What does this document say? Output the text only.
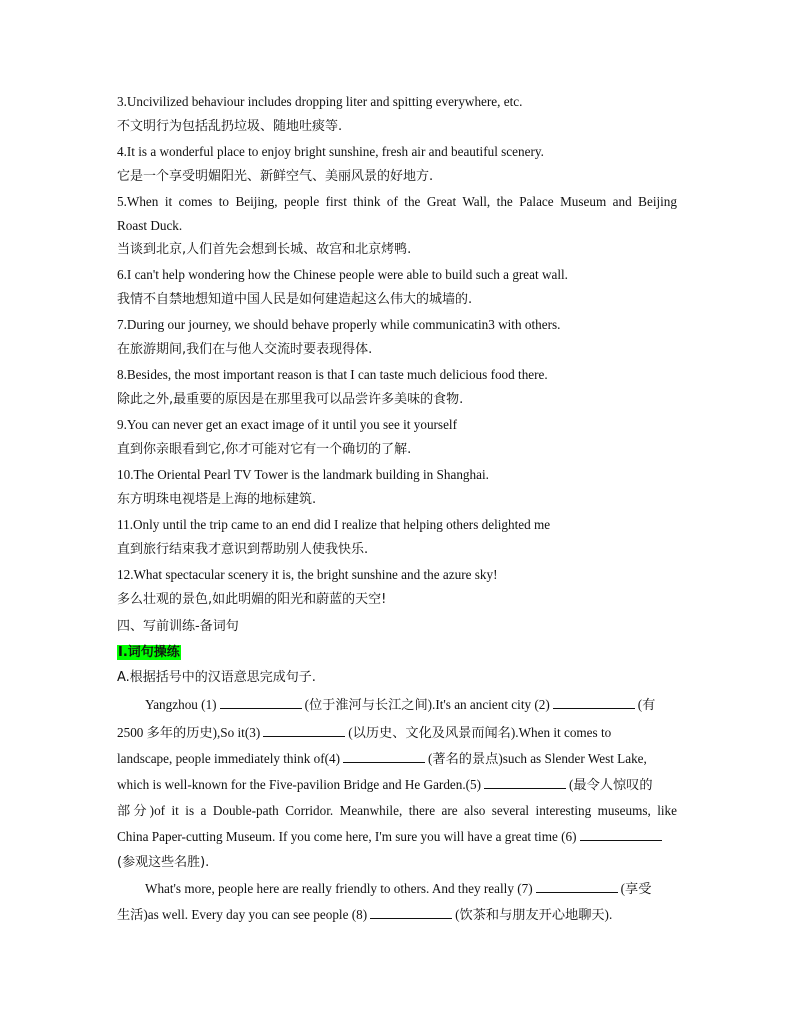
3.Uncivilized behaviour includes dropping liter and spitting everywhere, etc.
不文明行为包括乱扔垃圾、随地吐痰等.
4.It is a wonderful place to enjoy bright sunshine, fresh air and beautiful scenery.
它是一个享受明媚阳光、新鲜空气、美丽风景的好地方.
5.When it comes to Beijing, people first think of the Great Wall, the Palace Museum and Beijing
Roast Duck.
当谈到北京,人们首先会想到长城、故宫和北京烤鸭.
6.I can't help wondering how the Chinese people were able to build such a great wall.
我情不自禁地想知道中国人民是如何建造起这么伟大的城墙的.
7.During our journey, we should behave properly while communicatin3 with others.
在旅游期间,我们在与他人交流时要表现得体.
8.Besides, the most important reason is that I can taste much delicious food there.
除此之外,最重要的原因是在那里我可以品尝许多美味的食物.
9.You can never get an exact image of it until you see it yourself
直到你亲眼看到它,你才可能对它有一个确切的了解.
10.The Oriental Pearl TV Tower is the landmark building in Shanghai.
东方明珠电视塔是上海的地标建筑.
11.Only until the trip came to an end did I realize that helping others delighted me
直到旅行结束我才意识到帮助别人使我快乐.
12.What spectacular scenery it is, the bright sunshine and the azure sky!
多么壮观的景色,如此明媚的阳光和蔚蓝的天空!
四、写前训练-备词句
I.词句操练
A.根据括号中的汉语意思完成句子.
Yangzhou (1)	(位于淮河与长江之间).It's an ancient city (2)	(有
2500 多年的历史),So it(3)	(以历史、文化及风景而闻名).When it comes to
landscape, people immediately think of(4)	(著名的景点)such as Slender West Lake,
which is well-known for the Five-pavilion Bridge and He Garden.(5)	(最令人惊叹的
部分)of it is a Double-path Corridor. Meanwhile, there are also several interesting museums, like
China Paper-cutting Museum. If you come here, I'm sure you will have a great time (6)
(参观这些名胜).
What's more, people here are really friendly to others. And they really (7)	(享受
生活)as well. Every day you can see people (8)	(饮茶和与朋友开心地聊天).
